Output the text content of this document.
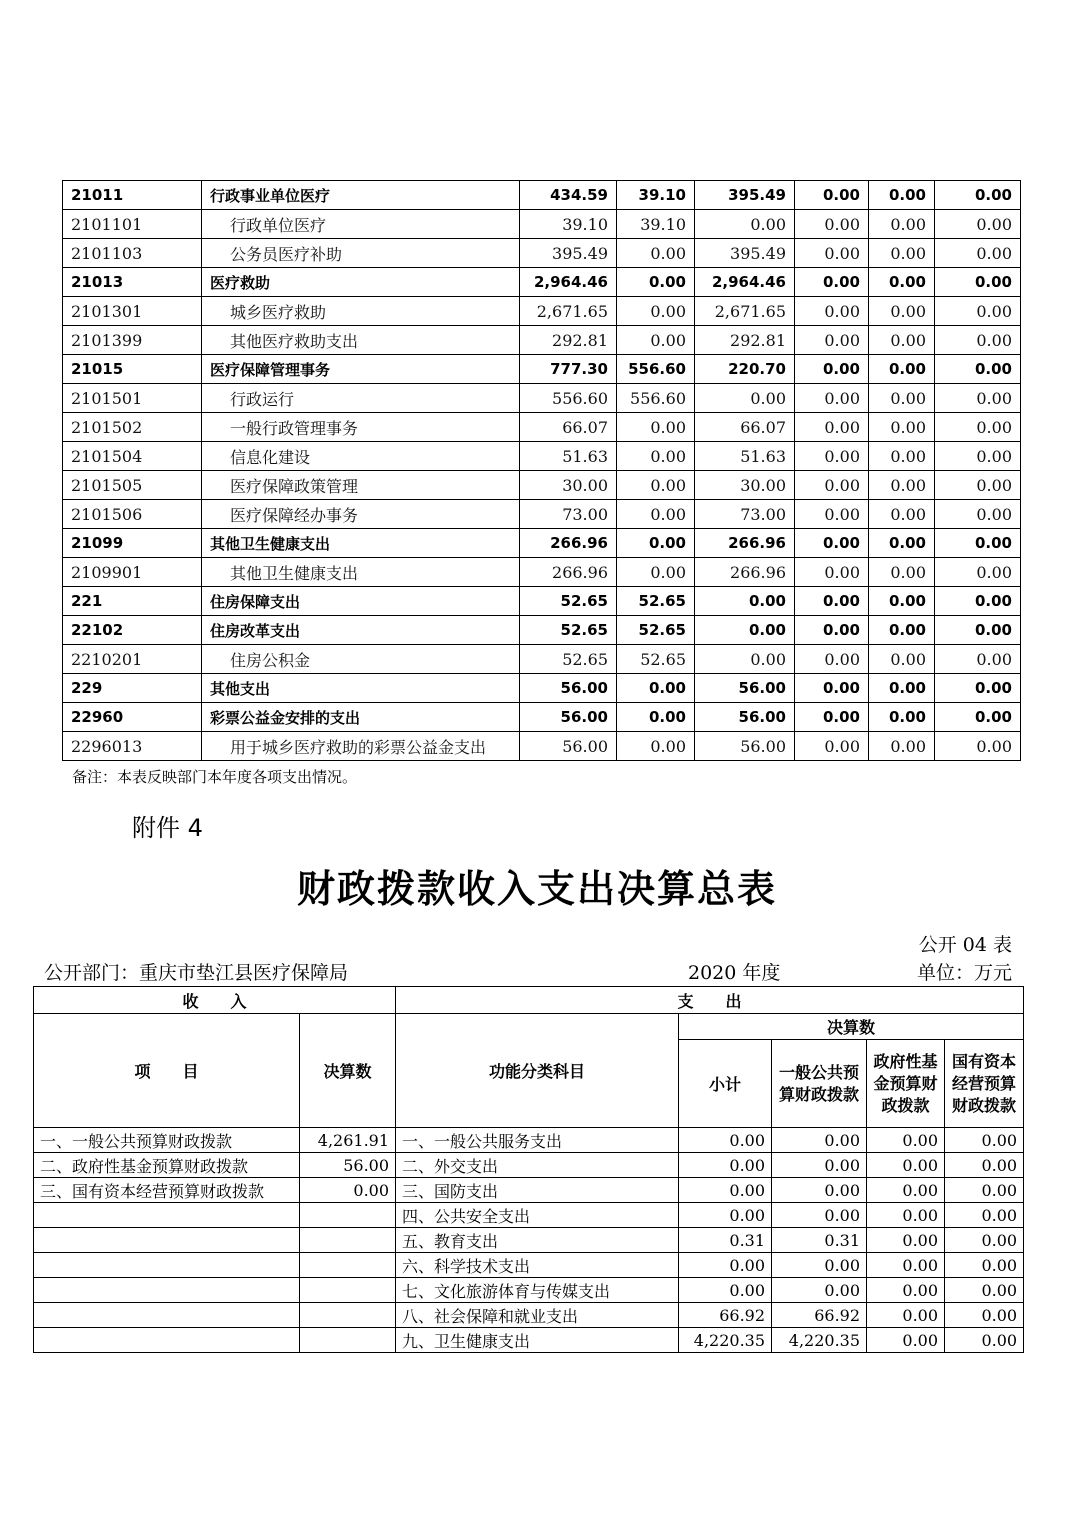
21011	行政事业单位医疗	434.59	39.10	395.49	0.00	0.00	0.00
2101101	行政单位医疗	39.10	39.10	0.00	0.00	0.00	0.00
2101103	公务员医疗补助	395.49	0.00	395.49	0.00	0.00	0.00
21013	医疗救助	2,964.46	0.00	2,964.46	0.00	0.00	0.00
2101301	城乡医疗救助	2,671.65	0.00	2,671.65	0.00	0.00	0.00
2101399	其他医疗救助支出	292.81	0.00	292.81	0.00	0.00	0.00
21015	医疗保障管理事务	777.30	556.60	220.70	0.00	0.00	0.00
2101501	行政运行	556.60	556.60	0.00	0.00	0.00	0.00
2101502	一般行政管理事务	66.07	0.00	66.07	0.00	0.00	0.00
2101504	信息化建设	51.63	0.00	51.63	0.00	0.00	0.00
2101505	医疗保障政策管理	30.00	0.00	30.00	0.00	0.00	0.00
2101506	医疗保障经办事务	73.00	0.00	73.00	0.00	0.00	0.00
21099	其他卫生健康支出	266.96	0.00	266.96	0.00	0.00	0.00
2109901	其他卫生健康支出	266.96	0.00	266.96	0.00	0.00	0.00
221	住房保障支出	52.65	52.65	0.00	0.00	0.00	0.00
22102	住房改革支出	52.65	52.65	0.00	0.00	0.00	0.00
2210201	住房公积金	52.65	52.65	0.00	0.00	0.00	0.00
229	其他支出	56.00	0.00	56.00	0.00	0.00	0.00
22960	彩票公益金安排的支出	56.00	0.00	56.00	0.00	0.00	0.00
2296013	用于城乡医疗救助的彩票公益金支出	56.00	0.00	56.00	0.00	0.00	0.00
备注：本表反映部门本年度各项支出情况。
附件 4
财政拨款收入支出决算总表
公开 04 表
公开部门：重庆市垫江县医疗保障局	2020 年度	单位：万元
收　　入		支　　出				
项　　目	决算数	功能分类科目	决算数			
			小计	一般公共预算财政拨款	政府性基金预算财政拨款	国有资本经营预算财政拨款
一、一般公共预算财政拨款	4,261.91	一、一般公共服务支出	0.00	0.00	0.00	0.00
二、政府性基金预算财政拨款	56.00	二、外交支出	0.00	0.00	0.00	0.00
三、国有资本经营预算财政拨款	0.00	三、国防支出	0.00	0.00	0.00	0.00
		四、公共安全支出	0.00	0.00	0.00	0.00
		五、教育支出	0.31	0.31	0.00	0.00
		六、科学技术支出	0.00	0.00	0.00	0.00
		七、文化旅游体育与传媒支出	0.00	0.00	0.00	0.00
		八、社会保障和就业支出	66.92	66.92	0.00	0.00
		九、卫生健康支出	4,220.35	4,220.35	0.00	0.00
